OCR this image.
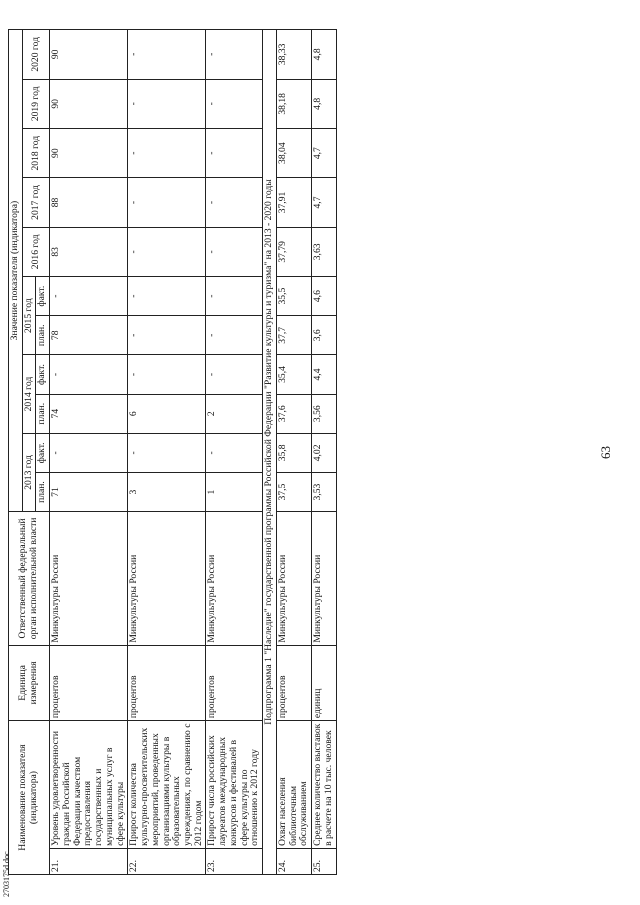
2703175d.doc
Наименование показателя (индикатора)		Единица измерения	Ответственный федеральный орган исполнительной власти	Значение показателя (индикатора)										
				2013 год		2014 год		2015 год		2016 год	2017 год	2018 год	2019 год	2020 год
				план.	факт.	план.	факт.	план.	факт.					
21.	Уровень удовлетворенности граждан Российской Федерации качеством предоставления государственных и муниципальных услуг в сфере культуры	процентов	Минкультуры России	71	-	74	-	78	-	83	88	90	90	90
22.	Прирост количества культурно-просветительских мероприятий, проведенных организациями культуры в образовательных учреждениях, по сравнению с 2012 годом	процентов	Минкультуры России	3	-	6	-	-	-	-	-	-	-	-
23.	Прирост числа российских лауреатов международных конкурсов и фестивалей в сфере культуры по отношению к 2012 году	процентов	Минкультуры России	1	-	2	-	-	-	-	-	-	-	-
Подпрограмма 1 "Наследие" государственной программы Российской Федерации "Развитие культуры и туризма" на 2013 - 2020 годы														
24.	Охват населения библиотечным обслуживанием	процентов	Минкультуры России	37,5	35,8	37,6	35,4	37,7	35,5	37,79	37,91	38,04	38,18	38,33
25.	Среднее количество выставок в расчете на 10 тыс. человек	единиц	Минкультуры России	3,53	4,02	3,56	4,4	3,6	4,6	3,63	4,7	4,7	4,8	4,8
63
